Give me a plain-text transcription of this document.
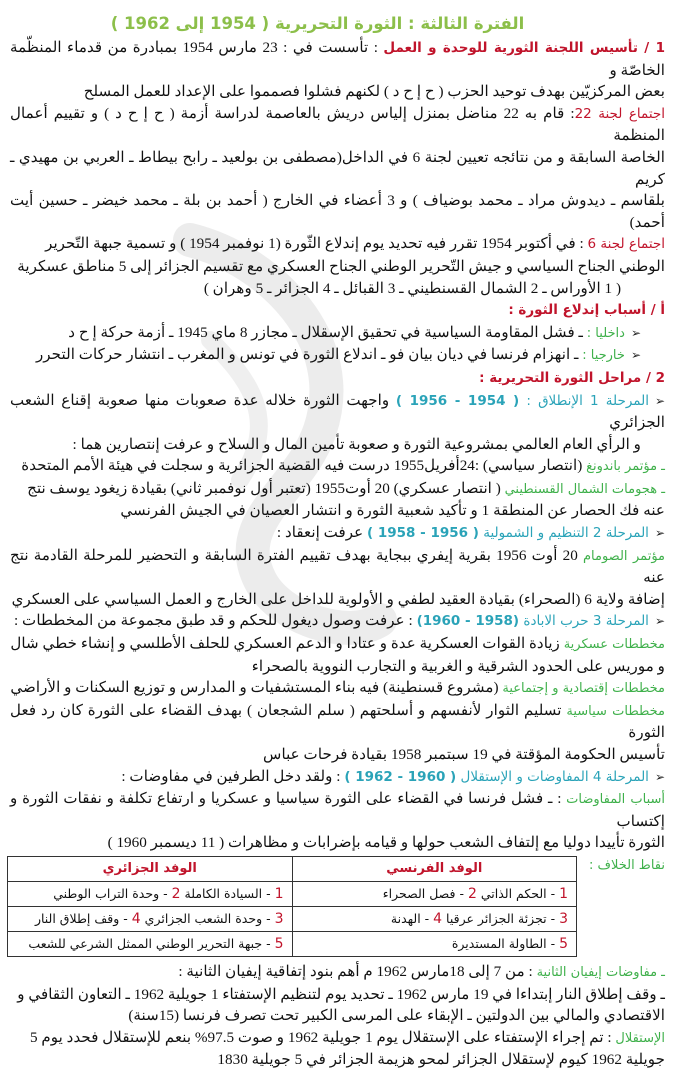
الفترة الثالثة : الثورة التحريرية ( 1954 إلى 1962 )

1 / تأسيس اللجنة الثورية للوحدة و العمل : تأسست في : 23 مارس 1954 بمبادرة من قدماء المنظّمة الخاصّة و

بعض المركزيّين بهدف توحيد الحزب ( ح إ ح د ) لكنهم فشلوا فصمموا على الإعداد للعمل المسلح

اجتماع لجنة 22: قام به 22 مناضل بمنزل إلياس دريش بالعاصمة لدراسة أزمة ( ح إ ح د ) و تقييم أعمال المنظمة

الخاصة السابقة و من نتائجه تعيين لجنة 6 في الداخل(مصطفى بن بولعيد ـ رابح بيطاط ـ العربي بن مهيدي ـ كريم

بلقاسم ـ ديدوش مراد ـ محمد بوضياف ) و 3 أعضاء في الخارج ( أحمد بن بلة ـ محمد خيضر ـ حسين أيت أحمد)

اجتماع لجنة 6 : في أكتوبر 1954 تقرر فيه تحديد يوم إندلاع الثّورة (1 نوفمبر 1954 ) و تسمية جبهة التّحرير

الوطني الجناح السياسي و جيش التّحرير الوطني الجناح العسكري مع تقسيم الجزائر إلى 5 مناطق عسكرية

( 1 الأوراس ـ 2 الشمال القسنطيني ـ 3 القبائل ـ 4 الجزائر ـ 5 وهران )

أ / أسباب إندلاع الثورة :

➢داخليا : ـ فشل المقاومة السياسية في تحقيق الإسقلال ـ مجازر 8 ماي 1945 ـ أزمة حركة إ ح د

➢خارجيا : ـ انهزام فرنسا في ديان بيان فو ـ اندلاع الثورة في تونس و المغرب ـ انتشار حركات التحرر

2 / مراحل الثورة التحريرية :

➢المرحلة 1 الإنطلاق : ( 1954 - 1956 ) واجهت الثورة خلاله عدة صعوبات منها صعوبة إقناع الشعب الجزائري

و الرأي العام العالمي بمشروعية الثورة و صعوبة تأمين المال و السلاح و عرفت إنتصارين هما :

ـ مؤتمر باندونغ (انتصار سياسي) :24أفريل1955 درست فيه القضية الجزائرية و سجلت في هيئة الأمم المتحدة

ـ هجومات الشمال القسنطيني ( انتصار عسكري) 20 أوت1955 (تعتبر أول نوفمبر ثاني) بقيادة زيغود يوسف نتج

عنه فك الحصار عن المنطقة 1 و تأكيد شعبية الثورة و انتشار العصيان في الجيش الفرنسي

➢المرحلة 2 التنظيم و الشمولية ( 1956 - 1958 ) عرفت إنعقاد :

مؤتمر الصومام 20 أوت 1956 بقرية إيفري ببجاية بهدف تقييم الفترة السابقة و التحضير للمرحلة القادمة نتج عنه

إضافة ولاية 6 (الصحراء) بقيادة العقيد لطفي و الأولوية للداخل على الخارج و العمل السياسي على العسكري

➢المرحلة 3 حرب الابادة (1958 - 1960) : عرفت وصول ديغول للحكم و قد طبق مجموعة من المخططات :

مخططات عسكرية زيادة القوات العسكرية عدة و عتادا و الدعم العسكري للحلف الأطلسي و إنشاء خطي شال

و موريس على الحدود الشرقية و الغربية و التجارب النووية بالصحراء

مخططات إقتصادية و إجتماعية (مشروع قسنطينة) فيه بناء المستشفيات و المدارس و توزيع السكنات و الأراضي

مخططات سياسية تسليم الثوار لأنفسهم و أسلحتهم ( سلم الشجعان ) بهدف القضاء على الثورة كان رد فعل الثورة

تأسيس الحكومة المؤقتة في 19 سبتمبر 1958 بقيادة فرحات عباس

➢المرحلة 4 المفاوضات و الإستقلال ( 1960 - 1962 ) : ولقد دخل الطرفين في مفاوضات :

أسباب المفاوضات : ـ فشل فرنسا في القضاء على الثورة سياسيا و عسكريا و ارتفاع تكلفة و نفقات الثورة و إكتساب

الثورة تأييدا دوليا مع إلتفاف الشعب حولها و قيامه بإضرابات و مظاهرات ( 11 ديسمبر 1960 )

نقاط الخلاف :
الوفد الفرنسي	الوفد الجزائري
1 - الحكم الذاتي 2 - فصل الصحراء	1 - السيادة الكاملة 2 - وحدة التراب الوطني
3 - تجزئة الجزائر عرقيا 4 - الهدنة	3 - وحدة الشعب الجزائري 4 - وقف إطلاق النار
5 - الطاولة المستديرة	5 - جبهة التحرير الوطني الممثل الشرعي للشعب

ـ مفاوضات إيفيان الثانية : من 7 إلى 18مارس 1962 م أهم بنود إتفاقية إيفيان الثانية :

ـ وقف إطلاق النار إبتداءا في 19 مارس 1962 ـ تحديد يوم لتنظيم الإستفتاء 1 جويلية 1962 ـ التعاون الثقافي و

الاقتصادي والمالي بين الدولتين ـ الإبقاء على المرسى الكبير تحت تصرف فرنسا (15سنة)

الإستقلال : تم إجراء الإستفتاء على الإستقلال يوم 1 جويلية 1962 و صوت 97.5% بنعم للإستقلال فحدد يوم 5

جويلية 1962 كيوم لإستقلال الجزائر لمحو هزيمة الجزائر في 5 جويلية 1830
